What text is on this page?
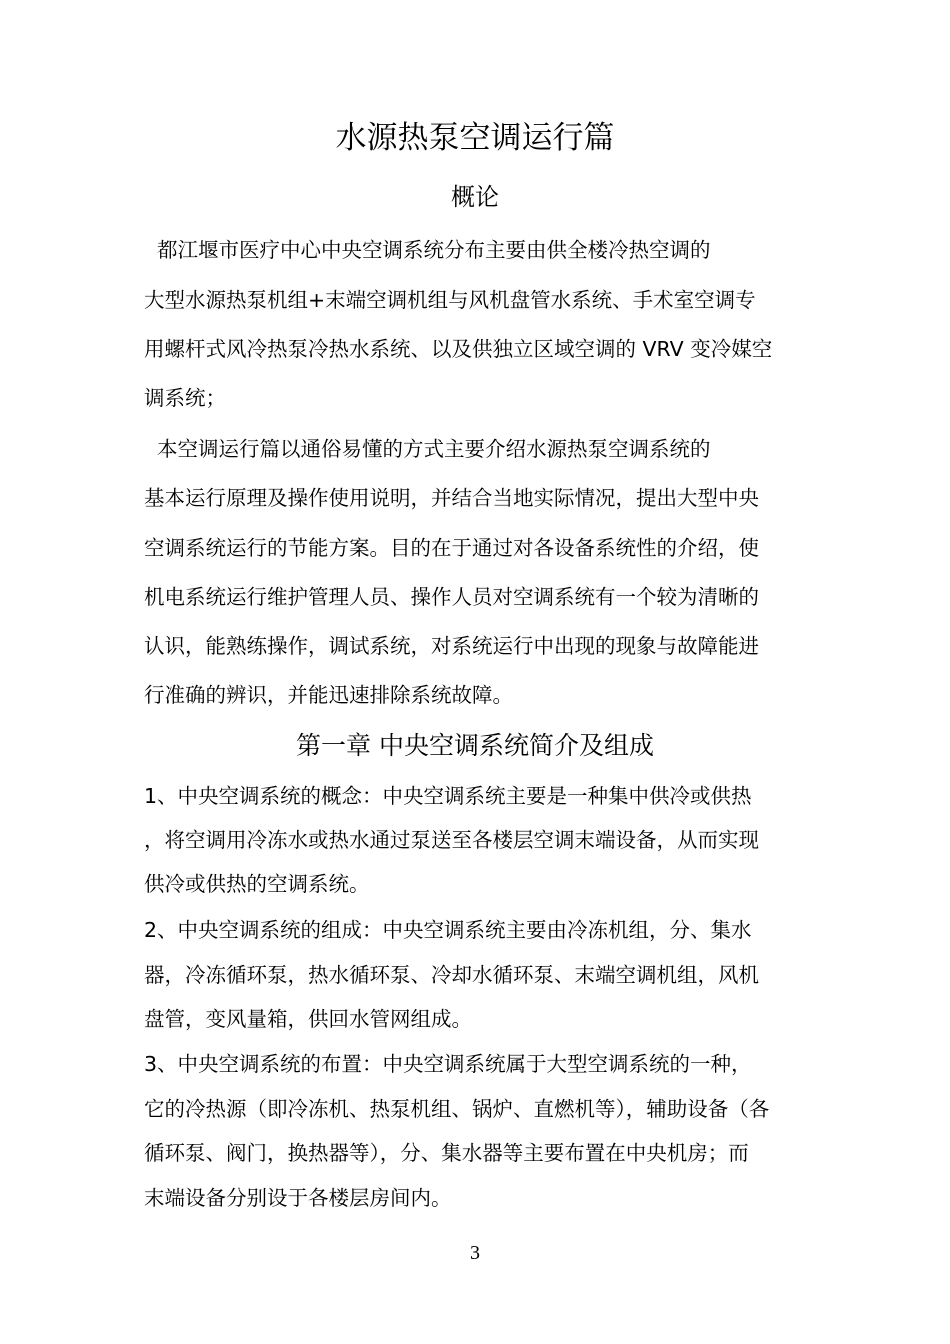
水源热泵空调运行篇
概论
都江堰市医疗中心中央空调系统分布主要由供全楼冷热空调的
大型水源热泵机组+末端空调机组与风机盘管水系统、手术室空调专
用螺杆式风冷热泵冷热水系统、以及供独立区域空调的 VRV 变冷媒空
调系统；
本空调运行篇以通俗易懂的方式主要介绍水源热泵空调系统的
基本运行原理及操作使用说明，并结合当地实际情况，提出大型中央
空调系统运行的节能方案。目的在于通过对各设备系统性的介绍，使
机电系统运行维护管理人员、操作人员对空调系统有一个较为清晰的
认识，能熟练操作，调试系统，对系统运行中出现的现象与故障能进
行准确的辨识，并能迅速排除系统故障。
第一章 中央空调系统简介及组成
1、中央空调系统的概念：中央空调系统主要是一种集中供冷或供热
，将空调用冷冻水或热水通过泵送至各楼层空调末端设备，从而实现
供冷或供热的空调系统。
2、中央空调系统的组成：中央空调系统主要由冷冻机组，分、集水
器，冷冻循环泵，热水循环泵、冷却水循环泵、末端空调机组，风机
盘管，变风量箱，供回水管网组成。
3、中央空调系统的布置：中央空调系统属于大型空调系统的一种，
它的冷热源（即冷冻机、热泵机组、锅炉、直燃机等），辅助设备（各
循环泵、阀门，换热器等），分、集水器等主要布置在中央机房；而
末端设备分别设于各楼层房间内。
3
